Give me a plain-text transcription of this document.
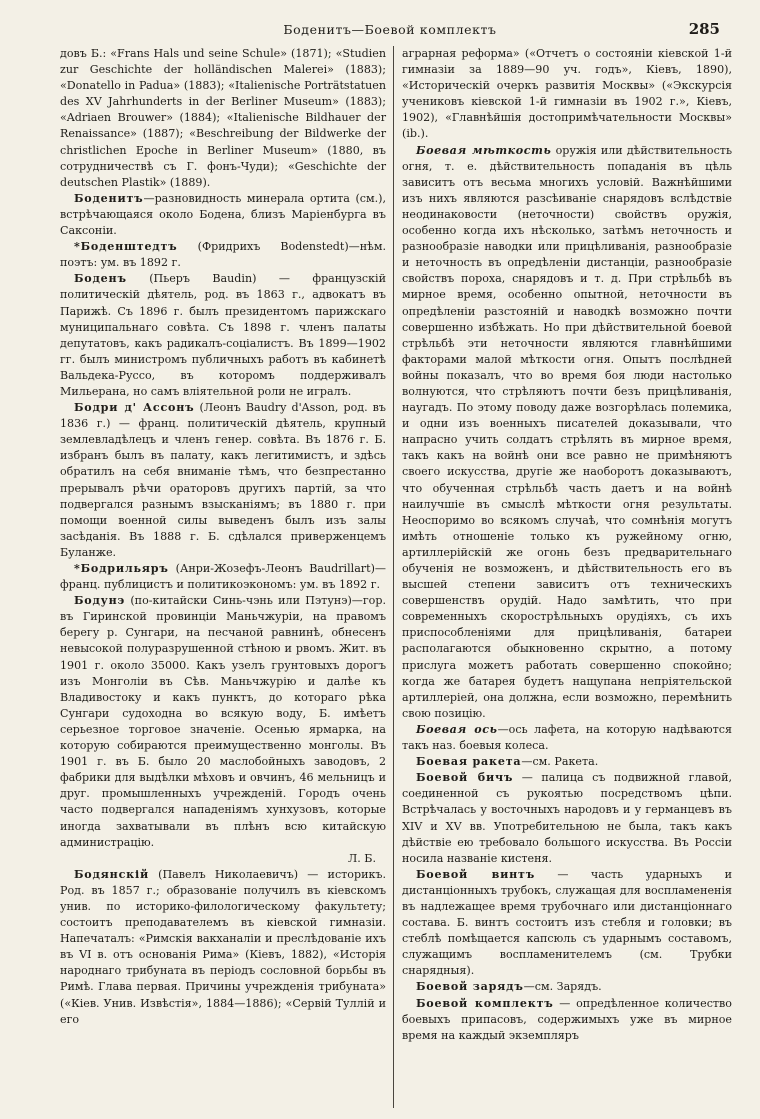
Боденитъ—Боевой комплектъ	285

довъ Б.: «Frans Hals und seine Schule» (1871); «Studien zur Geschichte der holländischen Malerei» (1883); «Donatello in Padua» (1883); «Italienische Porträtstatuen des XV Jahrhunderts in der Berliner Museum» (1883); «Adriaen Brouwer» (1884); «Italienische Bildhauer der Renaissance» (1887); «Beschreibung der Bildwerke der christlichen Epoche in Berliner Museum» (1880, въ сотрудничествѣ съ Г. фонъ-Чуди); «Geschichte der deutschen Plastik» (1889).

Боденитъ—разновидность минерала ортита (см.), встрѣчающаяся около Бодена, близъ Маріенбурга въ Саксоніи.

*Боденштедтъ (Фридрихъ Bodenstedt)—нѣм. поэтъ: ум. въ 1892 г.

Боденъ (Пьеръ Baudin) — французскій политическій дѣятель, род. въ 1863 г., адвокатъ въ Парижѣ. Съ 1896 г. былъ президентомъ парижскаго муниципальнаго совѣта. Съ 1898 г. членъ палаты депутатовъ, какъ радикалъ-соціалистъ. Въ 1899—1902 гг. былъ министромъ публичныхъ работъ въ кабинетѣ Вальдека-Руссо, въ которомъ поддерживалъ Мильерана, но самъ вліятельной роли не игралъ.

Бодри д' Ассонъ (Леонъ Baudry d'Asson, род. въ 1836 г.) — франц. политическій дѣятель, крупный землевладѣлецъ и членъ генер. совѣта. Въ 1876 г. Б. избранъ былъ въ палату, какъ легитимистъ, и здѣсь обратилъ на себя вниманіе тѣмъ, что безпрестанно прерывалъ рѣчи ораторовъ другихъ партій, за что подвергался разнымъ взысканіямъ; въ 1880 г. при помощи военной силы выведенъ былъ изъ залы засѣданія. Въ 1888 г. Б. сдѣлался приверженцемъ Буланже.

*Бодрильяръ (Анри-Жозефъ-Леонъ Baudrillart)—франц. публицистъ и политикоэкономъ: ум. въ 1892 г.

Бодунэ (по-китайски Синь-чэнь или Пэтунэ)—гор. въ Гиринской провинціи Маньчжуріи, на правомъ берегу р. Сунгари, на песчаной равнинѣ, обнесенъ невысокой полуразрушенной стѣною и рвомъ. Жит. въ 1901 г. около 35000. Какъ узелъ грунтовыхъ дорогъ изъ Монголіи въ Сѣв. Маньчжурію и далѣе къ Владивостоку и какъ пунктъ, до котораго рѣка Сунгари судоходна во всякую воду, Б. имѣетъ серьезное торговое значеніе. Осенью ярмарка, на которую собираются преимущественно монголы. Въ 1901 г. въ Б. было 20 маслобойныхъ заводовъ, 2 фабрики для выдѣлки мѣховъ и овчинъ, 46 мельницъ и друг. промышленныхъ учрежденій. Городъ очень часто подвергался нападеніямъ хунхузовъ, которые иногда захватывали въ плѣнъ всю китайскую администрацію.
Л. Б.

Бодянскій (Павелъ Николаевичъ) — историкъ. Род. въ 1857 г.; образованіе получилъ въ кіевскомъ унив. по историко-филологическому факультету; состоитъ преподавателемъ въ кіевской гимназіи. Напечаталъ: «Римскія вакханаліи и преслѣдованіе ихъ въ VI в. отъ основанія Рима» (Кіевъ, 1882), «Исторія народнаго трибуната въ періодъ сословной борьбы въ Римѣ. Глава первая. Причины учрежденія трибуната» («Кіев. Унив. Извѣстія», 1884—1886); «Сервій Туллій и его

аграрная реформа» («Отчетъ о состояніи кіевской 1-й гимназіи за 1889—90 уч. годъ», Кіевъ, 1890), «Историческій очеркъ развитія Москвы» («Экскурсія учениковъ кіевской 1-й гимназіи въ 1902 г.», Кіевъ, 1902), «Главнѣйшія достопримѣчательности Москвы» (ib.).

Боевая мѣткость оружія или дѣйствительность огня, т. е. дѣйствительность попаданія въ цѣль зависитъ отъ весьма многихъ условій. Важнѣйшими изъ нихъ являются разсѣиваніе снарядовъ вслѣдствіе неодинаковости (неточности) свойствъ оружія, особенно когда ихъ нѣсколько, затѣмъ неточность и разнообразіе наводки или прицѣливанія, разнообразіе и неточность въ опредѣленіи дистанціи, разнообразіе свойствъ пороха, снарядовъ и т. д. При стрѣльбѣ въ мирное время, особенно опытной, неточности въ опредѣленіи разстояній и наводкѣ возможно почти совершенно избѣжать. Но при дѣйствительной боевой стрѣльбѣ эти неточности являются главнѣйшими факторами малой мѣткости огня. Опытъ послѣдней войны показалъ, что во время боя люди настолько волнуются, что стрѣляютъ почти безъ прицѣливанія, наугадъ. По этому поводу даже возгорѣлась полемика, и одни изъ военныхъ писателей доказывали, что напрасно учить солдатъ стрѣлять въ мирное время, такъ какъ на войнѣ они все равно не примѣняютъ своего искусства, другіе же наоборотъ доказываютъ, что обученная стрѣльбѣ часть даетъ и на войнѣ наилучшіе въ смыслѣ мѣткости огня результаты. Неоспоримо во всякомъ случаѣ, что сомнѣнія могутъ имѣть отношеніе только къ ружейному огню, артиллерійскій же огонь безъ предварительнаго обученія не возможенъ, и дѣйствительность его въ высшей степени зависитъ отъ техническихъ совершенствъ орудій. Надо замѣтить, что при современныхъ скорострѣльныхъ орудіяхъ, съ ихъ приспособленіями для прицѣливанія, батареи располагаются обыкновенно скрытно, а потому прислуга можетъ работать совершенно спокойно; когда же батарея будетъ нащупана непріятельской артиллеріей, она должна, если возможно, перемѣнить свою позицію.

Боевая ось—ось лафета, на которую надѣваются такъ наз. боевыя колеса.

Боевая ракета—см. Ракета.

Боевой бичъ — палица съ подвижной главой, соединенной съ рукоятью посредствомъ цѣпи. Встрѣчалась у восточныхъ народовъ и у германцевъ въ XIV и XV вв. Употребительною не была, такъ какъ дѣйствіе ею требовало большого искусства. Въ Россіи носила названіе кистеня.

Боевой винтъ — часть ударныхъ и дистанціонныхъ трубокъ, служащая для воспламененія въ надлежащее время трубочнаго или дистанціоннаго состава. Б. винтъ состоитъ изъ стебля и головки; въ стеблѣ помѣщается капсюль съ ударнымъ составомъ, служащимъ воспламенителемъ (см. Трубки снарядныя).

Боевой зарядъ—см. Зарядъ.

Боевой комплектъ — опредѣленное количество боевыхъ припасовъ, содержимыхъ уже въ мирное время на каждый экземпляръ
